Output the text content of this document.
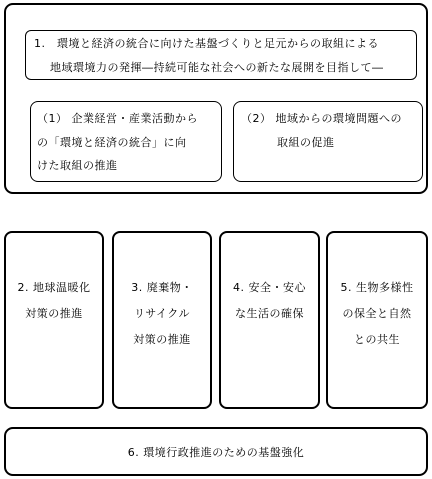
1.　環境と経済の統合に向けた基盤づくりと足元からの取組による
地域環境力の発揮―持続可能な社会への新たな展開を目指して―
（1） 企業経営・産業活動から
の「環境と経済の統合」に向
けた取組の推進
（2） 地域からの環境問題への
取組の促進
2. 地球温暖化
対策の推進
3. 廃棄物・
リサイクル
対策の推進
4. 安全・安心
な生活の確保
5. 生物多様性
の保全と自然
との共生
6. 環境行政推進のための基盤強化
